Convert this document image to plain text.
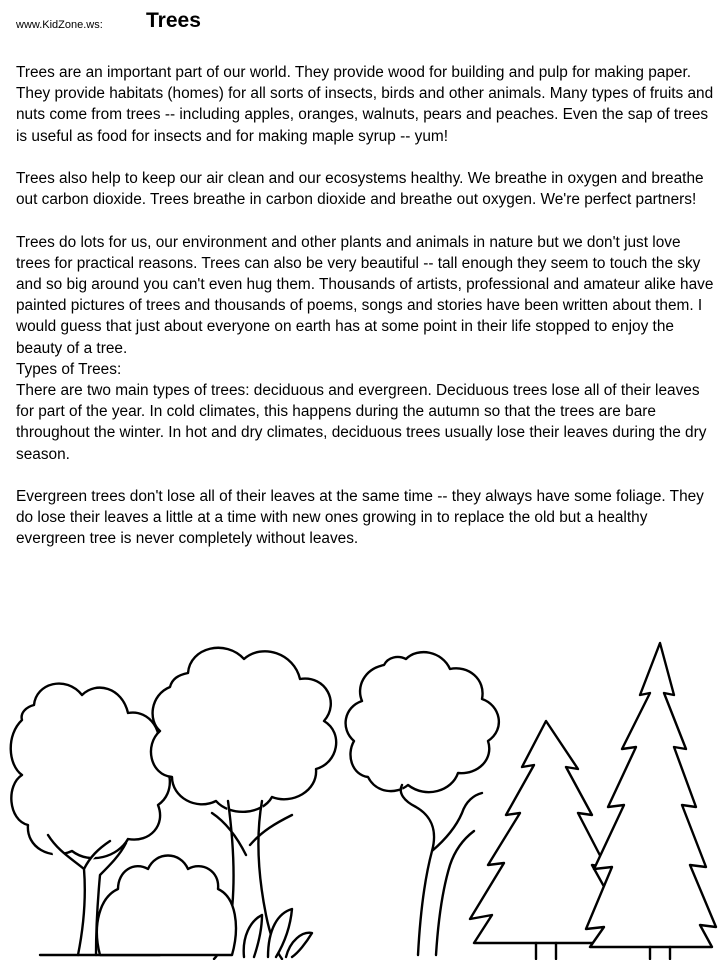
www.KidZone.ws: Trees

Trees are an important part of our world. They provide wood for building and pulp for making paper. They provide habitats (homes) for all sorts of insects, birds and other animals. Many types of fruits and nuts come from trees -- including apples, oranges, walnuts, pears and peaches. Even the sap of trees is useful as food for insects and for making maple syrup -- yum!

Trees also help to keep our air clean and our ecosystems healthy. We breathe in oxygen and breathe out carbon dioxide. Trees breathe in carbon dioxide and breathe out oxygen. We're perfect partners!

Trees do lots for us, our environment and other plants and animals in nature but we don't just love trees for practical reasons. Trees can also be very beautiful -- tall enough they seem to touch the sky and so big around you can't even hug them. Thousands of artists, professional and amateur alike have painted pictures of trees and thousands of poems, songs and stories have been written about them. I would guess that just about everyone on earth has at some point in their life stopped to enjoy the beauty of a tree.

Types of Trees:

There are two main types of trees: deciduous and evergreen. Deciduous trees lose all of their leaves for part of the year. In cold climates, this happens during the autumn so that the trees are bare throughout the winter. In hot and dry climates, deciduous trees usually lose their leaves during the dry season.

Evergreen trees don't lose all of their leaves at the same time -- they always have some foliage. They do lose their leaves a little at a time with new ones growing in to replace the old but a healthy evergreen tree is never completely without leaves.
